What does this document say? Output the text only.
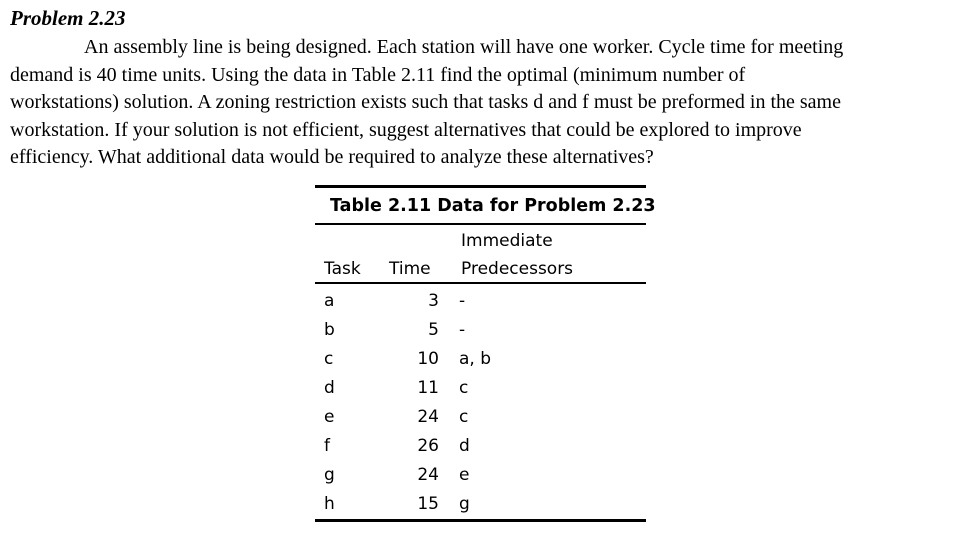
Problem 2.23
An assembly line is being designed. Each station will have one worker. Cycle time for meeting
demand is 40 time units. Using the data in Table 2.11 find the optimal (minimum number of
workstations) solution. A zoning restriction exists such that tasks d and f must be preformed in the same
workstation. If your solution is not efficient, suggest alternatives that could be explored to improve
efficiency. What additional data would be required to analyze these alternatives?
Table 2.11 Data for Problem 2.23
Immediate
Task Time Predecessors
a	3 -
b	5 -
c	10 a, b
d	11 c
e	24 c
f	26 d
g	24 e
h	15 g
